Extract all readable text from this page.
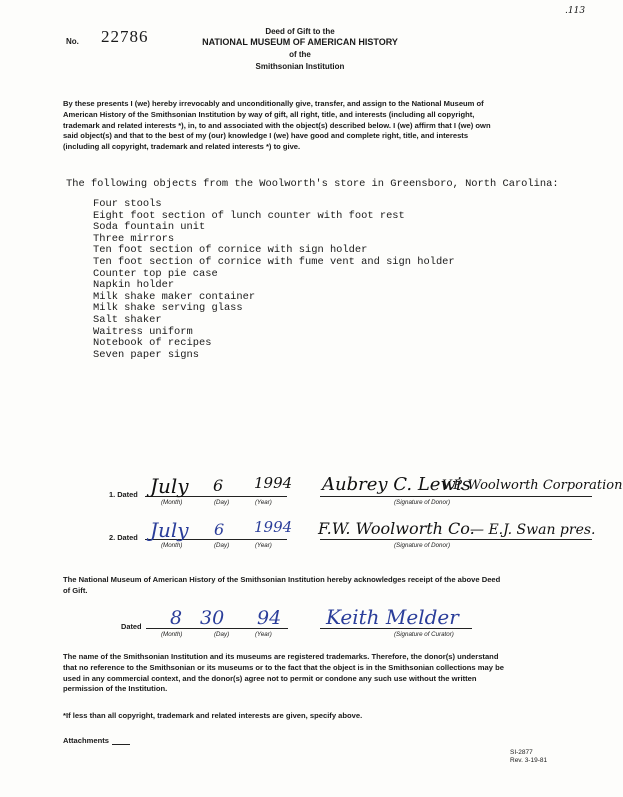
.113
No. 22786	Deed of Gift to the
NATIONAL MUSEUM OF AMERICAN HISTORY
of the
Smithsonian Institution
By these presents I (we) hereby irrevocably and unconditionally give, transfer, and assign to the National Museum of
American History of the Smithsonian Institution by way of gift, all right, title, and interests (including all copyright,
trademark and related interests *), in, to and associated with the object(s) described below. I (we) affirm that I (we) own
said object(s) and that to the best of my (our) knowledge I (we) have good and complete right, title, and interests
(including all copyright, trademark and related interests *) to give.
The following objects from the Woolworth's store in Greensboro, North Carolina:
Four stools
Eight foot section of lunch counter with foot rest
Soda fountain unit
Three mirrors
Ten foot section of cornice with sign holder
Ten foot section of cornice with fume vent and sign holder
Counter top pie case
Napkin holder
Milk shake maker container
Milk shake serving glass
Salt shaker
Waitress uniform
Notebook of recipes
Seven paper signs
1. Dated July 6 1994 Aubrey C. Lewis
V.P. Woolworth Corporation
(Month)	(Day)	(Year)	(Signature of Donor)
2. Dated July 6 1994 F.W. Woolworth Co.
— E.J. Swan pres.
(Month)	(Day)	(Year)	(Signature of Donor)
The National Museum of American History of the Smithsonian Institution hereby acknowledges receipt of the above Deed
of Gift.
Dated 8 30 94 Keith Melder
(Month)	(Day)	(Year)	(Signature of Curator)
The name of the Smithsonian Institution and its museums are registered trademarks. Therefore, the donor(s) understand
that no reference to the Smithsonian or its museums or to the fact that the object is in the Smithsonian collections may be
used in any commercial context, and the donor(s) agree not to permit or condone any such use without the written
permission of the Institution.
*If less than all copyright, trademark and related interests are given, specify above.
Attachments
SI-2877
Rev. 3-19-81
